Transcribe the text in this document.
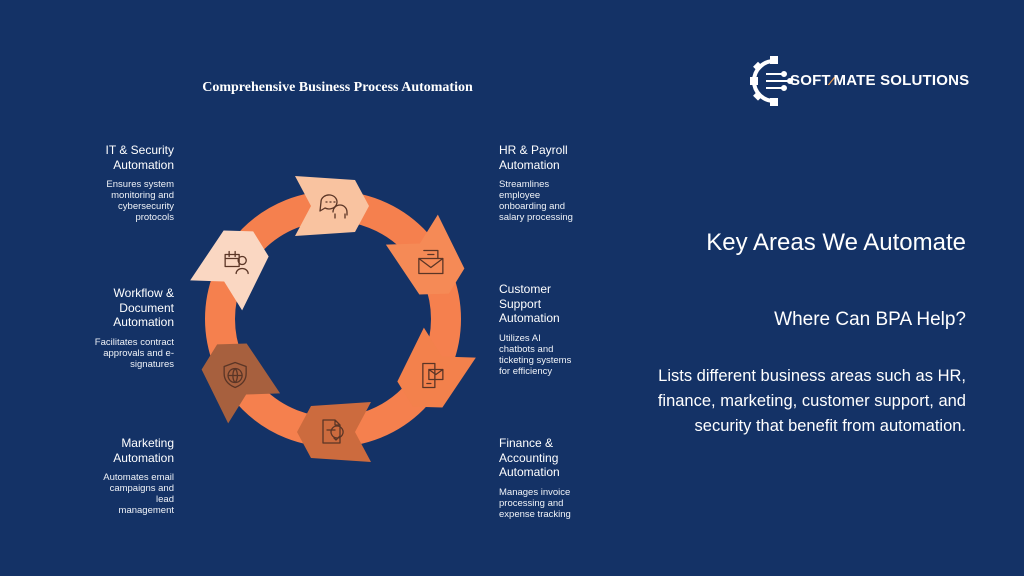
Comprehensive Business Process Automation
IT & Security
Automation
Ensures system
monitoring and
cybersecurity
protocols
Workflow &
Document
Automation
Facilitates contract
approvals and e-
signatures
Marketing
Automation
Automates email
campaigns and
lead
management
HR & Payroll
Automation
Streamlines
employee
onboarding and
salary processing
Customer
Support
Automation
Utilizes AI
chatbots and
ticketing systems
for efficiency
Finance &
Accounting
Automation
Manages invoice
processing and
expense tracking
Key Areas We Automate
Where Can BPA Help?
Lists different business areas such as HR,
finance, marketing, customer support, and
security that benefit from automation.
SOFT⁄MATE SOLUTIONS
